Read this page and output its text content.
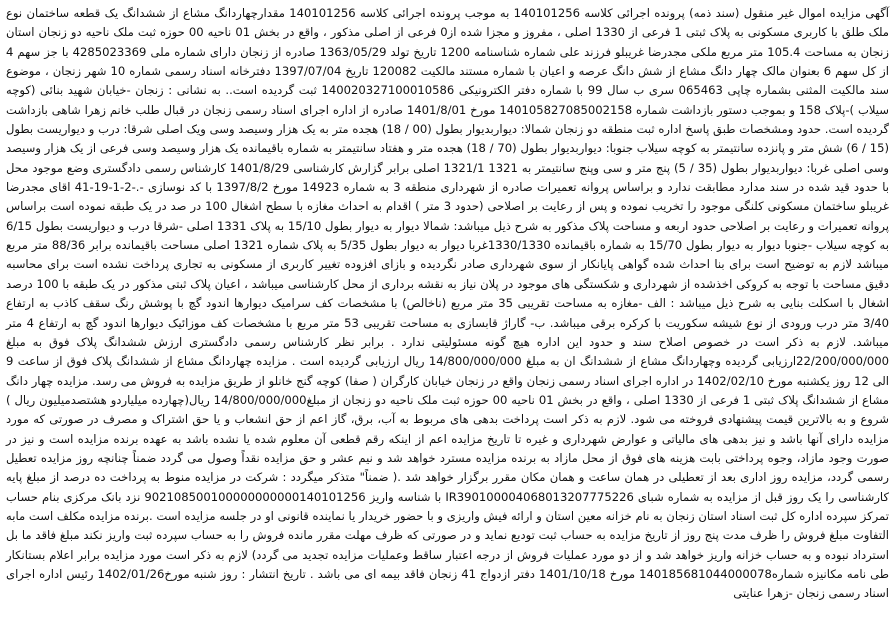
آگهی مزایده اموال غیر منقول (سند ذمه) پرونده اجرائی کلاسه 140101256 به موجب پرونده اجرائی کلاسه 140101256 مقدارچهاردانگ مشاع از ششدانگ یک قطعه ساختمان نوع ملک طلق با کاربری مسکونی به پلاک ثبتی 1 فرعی از 1330 اصلی ، مفروز و مجزا شده از0 فرعی از اصلی مذکور ، واقع در بخش 01 ناحیه 00 حوزه ثبت ملک ناحیه دو زنجان استان زنجان به مساحت 105.4 متر مربع ملکی مجدرضا غریبلو فرزند علی شماره شناسنامه 1200 تاریخ تولد 1363/05/29 صادره از زنجان دارای شماره ملی 4285023369 با جز سهم 4 از کل سهم 6 بعنوان مالک چهار دانگ مشاع از شش دانگ عرصه و اعیان با شماره مستند مالکیت 120082 تاریخ 1397/07/04 دفترخانه اسناد رسمی شماره 10 شهر زنجان ، موضوع سند مالکیت المثنی بشماره چاپی 065463 سری ب سال 99 با شماره دفتر الکترونیکی 140020327100010586 ثبت گردیده است.. به نشانی : زنجان -خیابان شهید بنائی (کوچه سیلاب )-پلاک 158 و بموجب دستور بازداشت شماره 140105827085002158 مورخ 1401/8/01 صادره از اداره اجرای اسناد رسمی زنجان در قبال طلب خانم زهرا شاهی بازداشت گردیده است. حدود ومشخصات طبق پاسخ اداره ثبت منطقه دو زنجان شمالا: دیواربدیوار بطول (00 / 18) هجده متر به یک هزار وسیصد وسی ویک اصلی شرقا: درب و دیواریست بطول (15 / 6) شش متر و پانزده سانتیمتر به کوچه سیلاب جنوبا: دیواربدیوار بطول (70 / 18) هجده متر و هفتاد سانتیمتر به شماره باقیمانده یک هزار وسیصد وسی فرعی از یک هزار وسیصد وسی اصلی غربا: دیواربدیوار بطول (35 / 5) پنج متر و سی وپنج سانتیمتر به 1321 1321/1 اصلی برابر گزارش کارشناسی 1401/8/29 کارشناس رسمی دادگستری وضع موجود محل با حدود قید شده در سند مدارد مطابقت ندارد و براساس پروانه تعمیرات صادره از شهرداری منطقه 3 به شماره 14923 مورخ 1397/8/2 با کد نوسازی -.-2-1-19-41 اقای مجدرضا غریبلو ساختمان مسکونی کلنگی موجود را تخریب نموده و پس از رعایت بر اصلاحی (حدود 3 متر ) اقدام به احداث مغازه با سطح اشغال 100 در صد در یک طبقه نموده است براساس پروانه تعمیرات و رعایت بر اصلاحی حدود اربعه و مساحت پلاک مذکور به شرح ذیل میباشد: شمالا دیوار به دیوار بطول 15/10 به پلاک 1331 اصلی -شرقا درب و دیواریست بطول 6/15 به کوچه سیلاب -جنوبا دیوار به دیوار بطول 15/70 به شماره باقیمانده 1330/1330غربا دیوار به دیوار بطول 5/35 به پلاک شماره 1321 اصلی مساحت باقیمانده برابر 88/36 متر مربع میباشد لازم به توضیح است برای بنا احداث شده گواهی پایانکار از سوی شهرداری صادر نگردیده و بازای افزوده تغییر کاربری از مسکونی به تجاری پرداخت نشده است برای محاسبه دقیق مساحت با توجه به کروکی اخذشده از شهرداری و شکستگی های موجود در پلان نیاز به نقشه برداری از محل کارشناسی میباشد ، اعیان پلاک ثبتی مذکور در یک طبقه با 100 درصد اشغال با اسکلت بنایی به شرح ذیل میباشد : الف -مغازه به مساحت تقریبی 35 متر مربع (ناخالص) با مشخصات کف سرامیک دیوارها اندود گچ با پوشش رنگ سقف کاذب به ارتفاع 3/40 متر درب ورودی از نوع شیشه سکوریت با کرکره برقی میباشد. ب- گاراژ قابسازی به مساحت تقریبی 53 متر مربع با مشخصات کف موزائیک دیوارها اندود گچ به ارتفاع 4 متر میباشد. لازم به ذکر است در خصوص اصلاح سند و حدود این اداره هیچ گونه مسئولیتی ندارد . برابر نظر کارشناس رسمی دادگستری ارزش ششدانگ پلاک فوق به مبلغ 22/200/000/000ارزیابی گردیده وچهاردانگ مشاع از ششدانگ ان به مبلغ 14/800/000/000 ریال ارزیابی گردیده است . مزایده چهاردانگ مشاع از ششدانگ پلاک فوق از ساعت 9 الی 12 روز یکشنبه مورخ 1402/02/10 در اداره اجرای اسناد رسمی زنجان واقع در زنجان خیابان کارگران ( صفا) کوچه گنج خانلو از طریق مزایده به فروش می رسد. مزایده چهار دانگ مشاع از ششدانگ پلاک ثبتی 1 فرعی از 1330 اصلی ، واقع در بخش 01 ناحیه 00 حوزه ثبت ملک ناحیه دو زنجان از مبلغ14/800/000/000 ریال(چهارده میلیاردو هشتصدمیلیون ریال ) شروع و به بالاترین قیمت پیشنهادی فروخته می شود. لازم به ذکر است پرداخت بدهی های مربوط به آب، برق، گاز اعم از حق انشعاب و یا حق اشتراک و مصرف در صورتی که مورد مزایده دارای آنها باشد و نیز بدهی های مالیاتی و عوارض شهرداری و غیره تا تاریخ مزایده اعم از اینکه رقم قطعی آن معلوم شده یا نشده باشد به عهده برنده مزایده است و نیز در صورت وجود مازاد، وجوه پرداختی بابت هزینه های فوق از محل مازاد به برنده مزایده مسترد خواهد شد و نیم عشر و حق مزایده نقداً وصول می گردد ضمناً چنانچه روز مزایده تعطیل رسمی گردد، مزایده روز اداری بعد از تعطیلی در همان ساعت و همان مکان مقرر برگزار خواهد شد .( ضمناً" متذکر میگردد : شرکت در مزایده منوط به پرداخت ده درصد از مبلغ پایه کارشناسی را یک روز قبل از مزایده به شماره شبای IR390100004068013207775226 با شناسه واریز 902108500100000000000140101256 نزد بانک مرکزی بنام حساب تمرکز سپرده اداره کل ثبت اسناد استان زنجان به نام خزانه معین استان و ارائه فیش واریزی و با حضور خریدار یا نماینده قانونی او در جلسه مزایده است .برنده مزایده مکلف است مابه التفاوت مبلغ فروش را ظرف مدت پنج روز از تاریخ مزایده به حساب ثبت تودیع نماید و در صورتی که ظرف مهلت مقرر مانده فروش را به حساب سپرده ثبت واریز نکند مبلغ فاقد ما بل استرداد نبوده و به حساب خزانه واریز خواهد شد و از دو مورد عملیات فروش از درجه اعتبار ساقط وعملیات مزایده تجدید می گردد) لازم به ذکر است مورد مزایده برابر اعلام بستانکار طی نامه مکانیزه شماره140185681044000078 مورخ 1401/10/18 دفتر ازدواج 41 زنجان فاقد بیمه ای می باشد . تاریخ انتشار : روز شنبه مورخ1402/01/26 رئیس اداره اجرای اسناد رسمی زنجان -زهرا عنایتی
